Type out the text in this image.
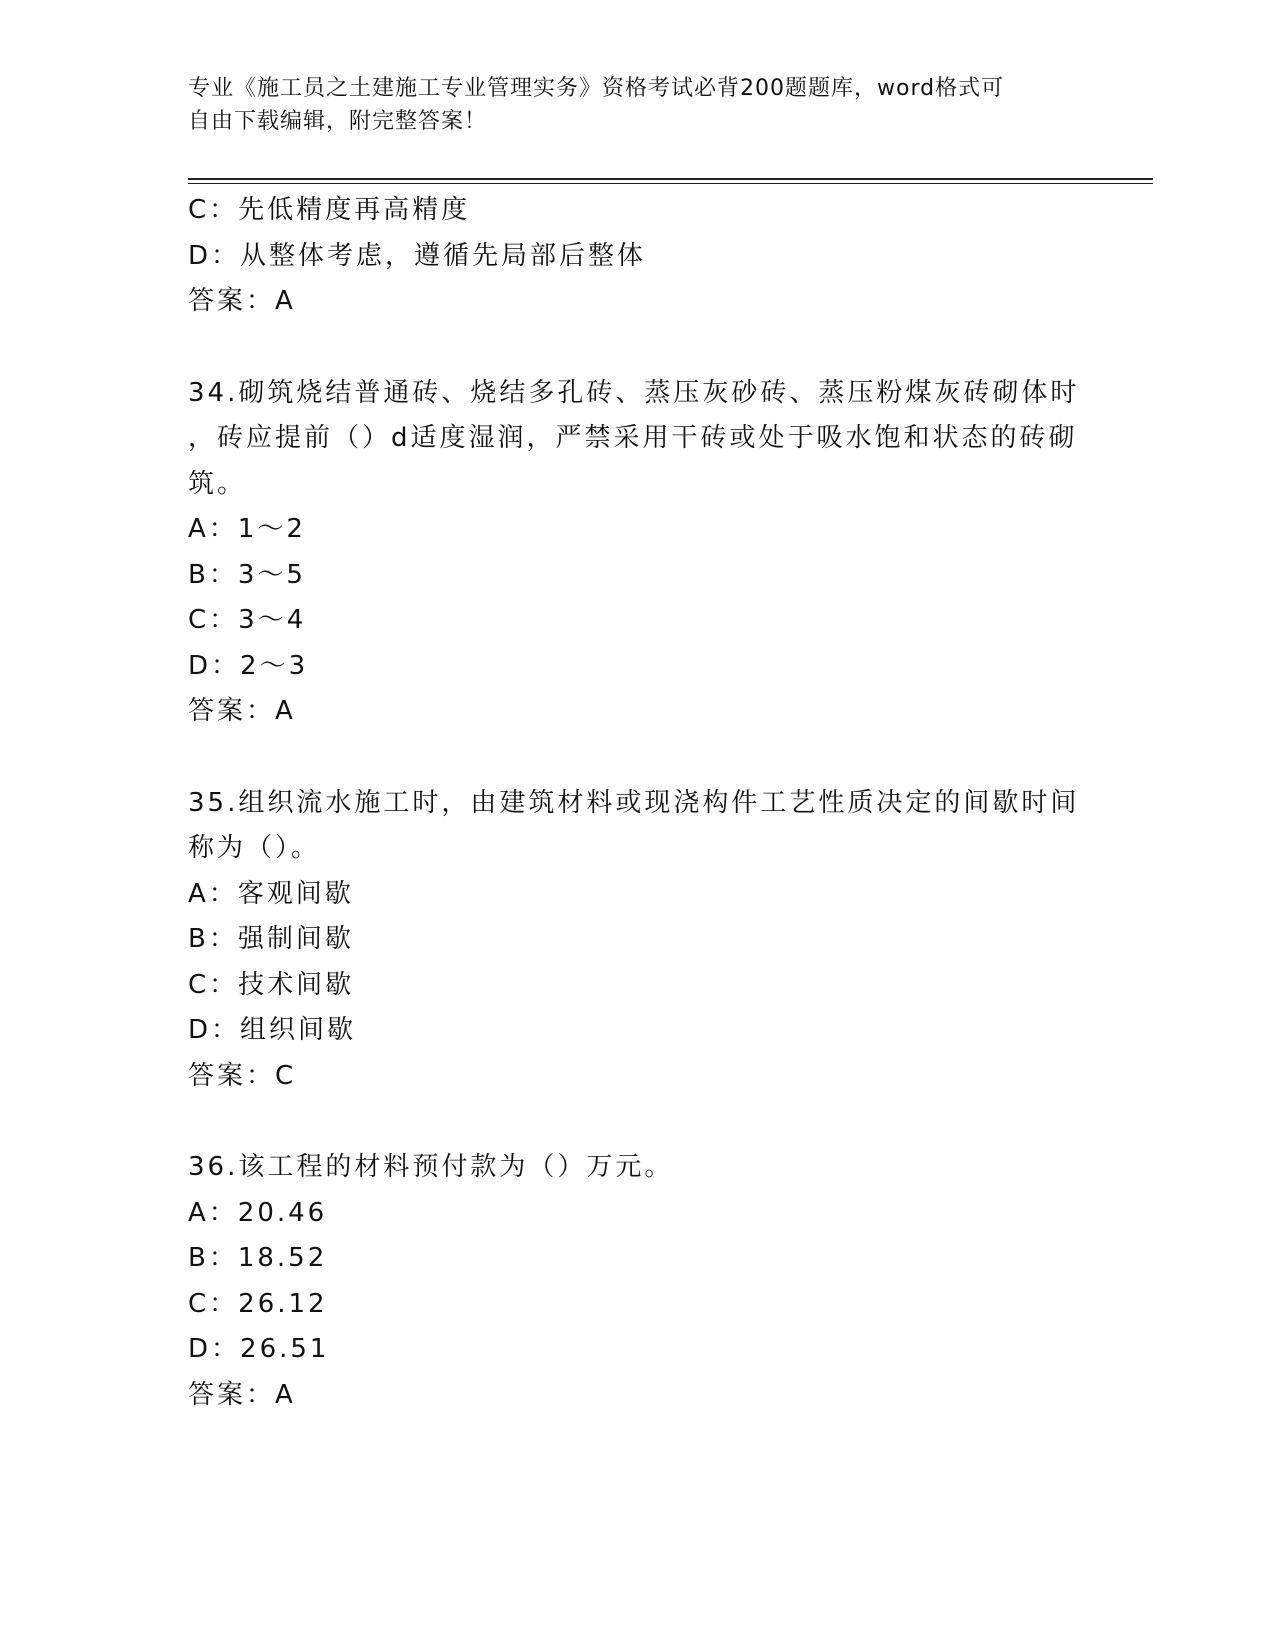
专业《施工员之土建施工专业管理实务》资格考试必背200题题库，word格式可
自由下载编辑，附完整答案！
C：先低精度再高精度
D：从整体考虑，遵循先局部后整体
答案：A
34.砌筑烧结普通砖、烧结多孔砖、蒸压灰砂砖、蒸压粉煤灰砖砌体时
，砖应提前（）d适度湿润，严禁采用干砖或处于吸水饱和状态的砖砌
筑。
A：1～2
B：3～5
C：3～4
D：2～3
答案：A
35.组织流水施工时，由建筑材料或现浇构件工艺性质决定的间歇时间
称为（）。
A：客观间歇
B：强制间歇
C：技术间歇
D：组织间歇
答案：C
36.该工程的材料预付款为（）万元。
A：20.46
B：18.52
C：26.12
D：26.51
答案：A
